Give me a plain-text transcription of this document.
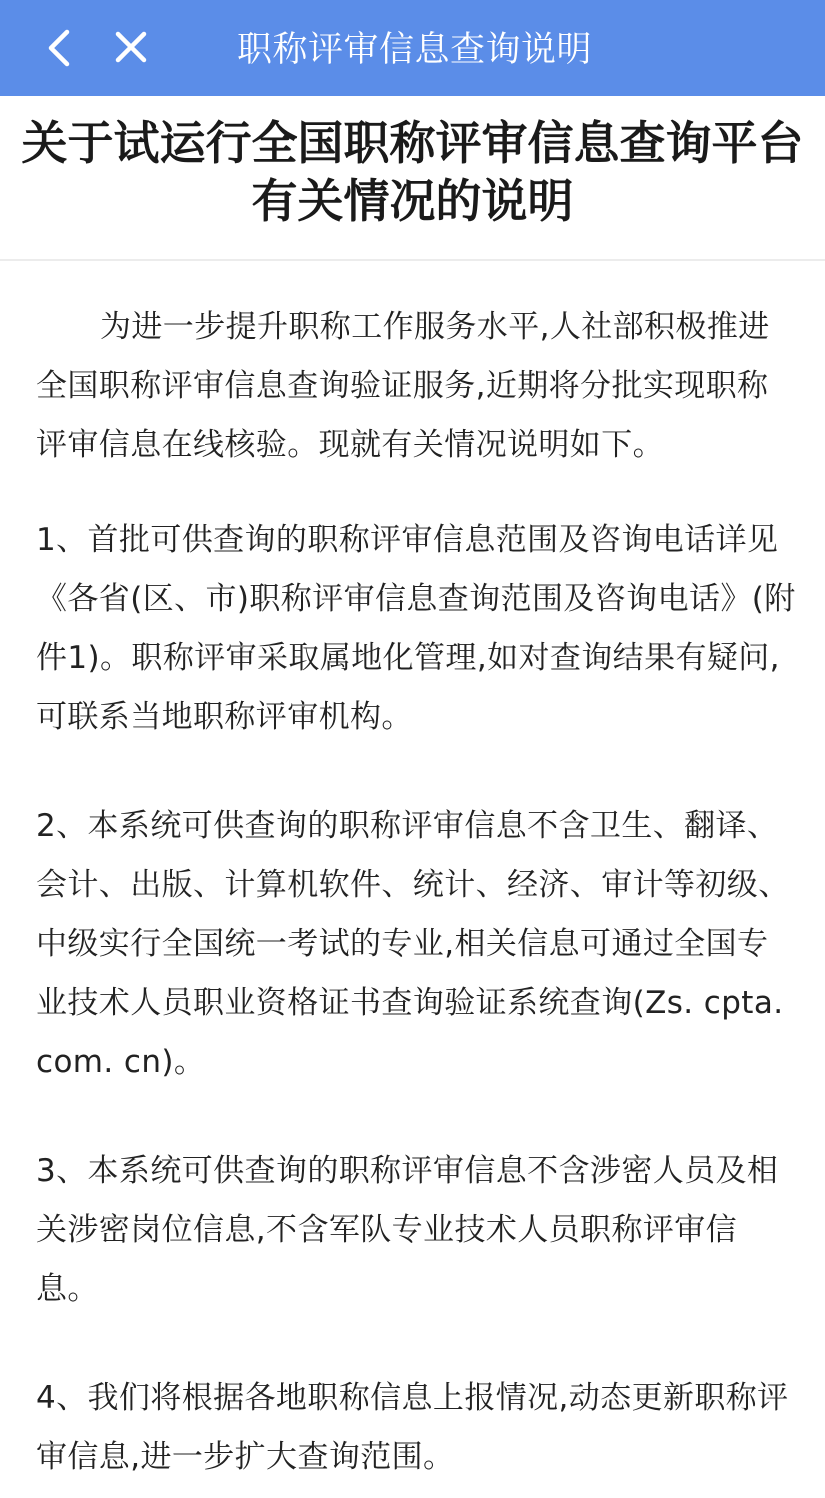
职称评审信息查询说明
关于试运行全国职称评审信息查询平台有关情况的说明

为进一步提升职称工作服务水平,人社部积极推进全国职称评审信息查询验证服务,近期将分批实现职称评审信息在线核验。现就有关情况说明如下。

1、首批可供查询的职称评审信息范围及咨询电话详见《各省(区、市)职称评审信息查询范围及咨询电话》(附件1)。职称评审采取属地化管理,如对查询结果有疑问,可联系当地职称评审机构。

2、本系统可供查询的职称评审信息不含卫生、翻译、会计、出版、计算机软件、统计、经济、审计等初级、中级实行全国统一考试的专业,相关信息可通过全国专业技术人员职业资格证书查询验证系统查询(Zs. cpta. com. cn)。

3、本系统可供查询的职称评审信息不含涉密人员及相关涉密岗位信息,不含军队专业技术人员职称评审信息。

4、我们将根据各地职称信息上报情况,动态更新职称评审信息,进一步扩大查询范围。
